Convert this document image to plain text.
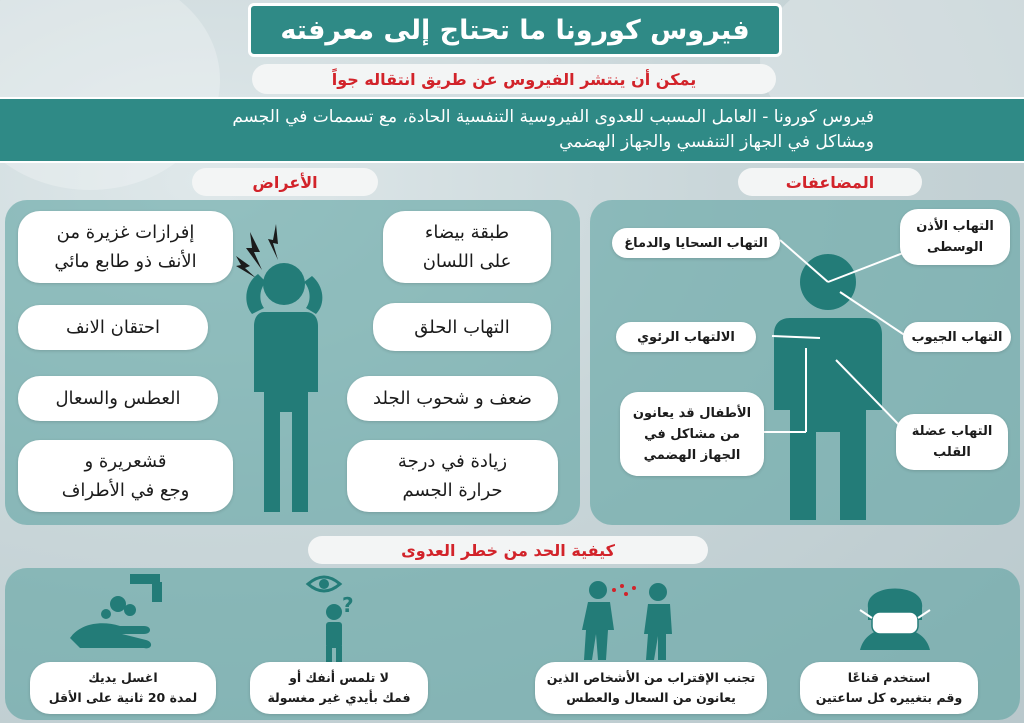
فيروس كورونا ما تحتاج إلى معرفته
يمكن أن ينتشر الفيروس عن طريق انتقاله جواً
فيروس كورونا - العامل المسبب للعدوى الفيروسية التنفسية الحادة، مع تسممات في الجسم
ومشاكل في الجهاز التنفسي والجهاز الهضمي
الأعراض	المضاعفات
إفرازات غزيرة من
الأنف ذو طابع مائي
احتقان الانف
العطس والسعال
قشعريرة و
وجع في الأطراف
طبقة بيضاء
على اللسان
التهاب الحلق
ضعف و شحوب الجلد
زيادة في درجة
حرارة الجسم
التهاب الأذن
الوسطى
التهاب السحايا والدماغ
التهاب الجيوب
الالتهاب الرئوي
التهاب عضلة
القلب
الأطفال قد يعانون
من مشاكل في
الجهاز الهضمي
كيفية الحد من خطر العدوى
?
اغسل يديك
لمدة 20 ثانية على الأقل
لا تلمس أنفك أو
فمك بأيدي غير مغسولة
تجنب الإقتراب من الأشخاص الذين
يعانون من السعال والعطس
استخدم قناعًا
وقم بتغييره كل ساعتين
